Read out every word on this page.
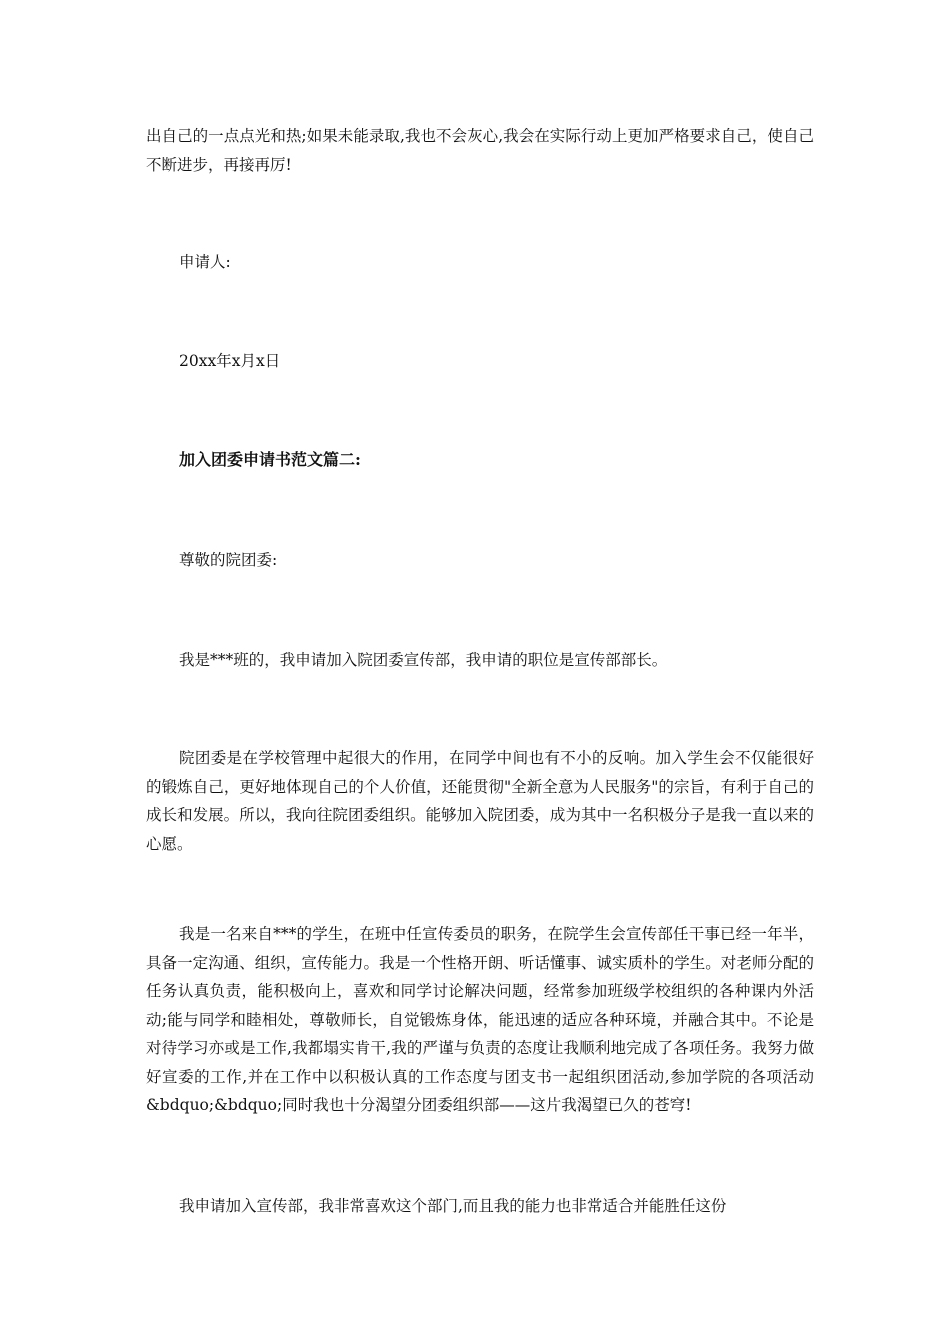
出自己的一点点光和热;如果未能录取,我也不会灰心,我会在实际行动上更加严格要求自己，使自己不断进步，再接再厉!

申请人:

20xx年x月x日

加入团委申请书范文篇二:

尊敬的院团委:

我是***班的，我申请加入院团委宣传部，我申请的职位是宣传部部长。

院团委是在学校管理中起很大的作用，在同学中间也有不小的反响。加入学生会不仅能很好的锻炼自己，更好地体现自己的个人价值，还能贯彻"全新全意为人民服务"的宗旨，有利于自己的成长和发展。所以，我向往院团委组织。能够加入院团委，成为其中一名积极分子是我一直以来的心愿。

我是一名来自***的学生，在班中任宣传委员的职务，在院学生会宣传部任干事已经一年半，具备一定沟通、组织，宣传能力。我是一个性格开朗、听话懂事、诚实质朴的学生。对老师分配的任务认真负责，能积极向上，喜欢和同学讨论解决问题，经常参加班级学校组织的各种课内外活动;能与同学和睦相处，尊敬师长，自觉锻炼身体，能迅速的适应各种环境，并融合其中。不论是对待学习亦或是工作,我都塌实肯干,我的严谨与负责的态度让我顺利地完成了各项任务。我努力做好宣委的工作,并在工作中以积极认真的工作态度与团支书一起组织团活动,参加学院的各项活动&bdquo;&bdquo;同时我也十分渴望分团委组织部——这片我渴望已久的苍穹!

我申请加入宣传部，我非常喜欢这个部门,而且我的能力也非常适合并能胜任这份
